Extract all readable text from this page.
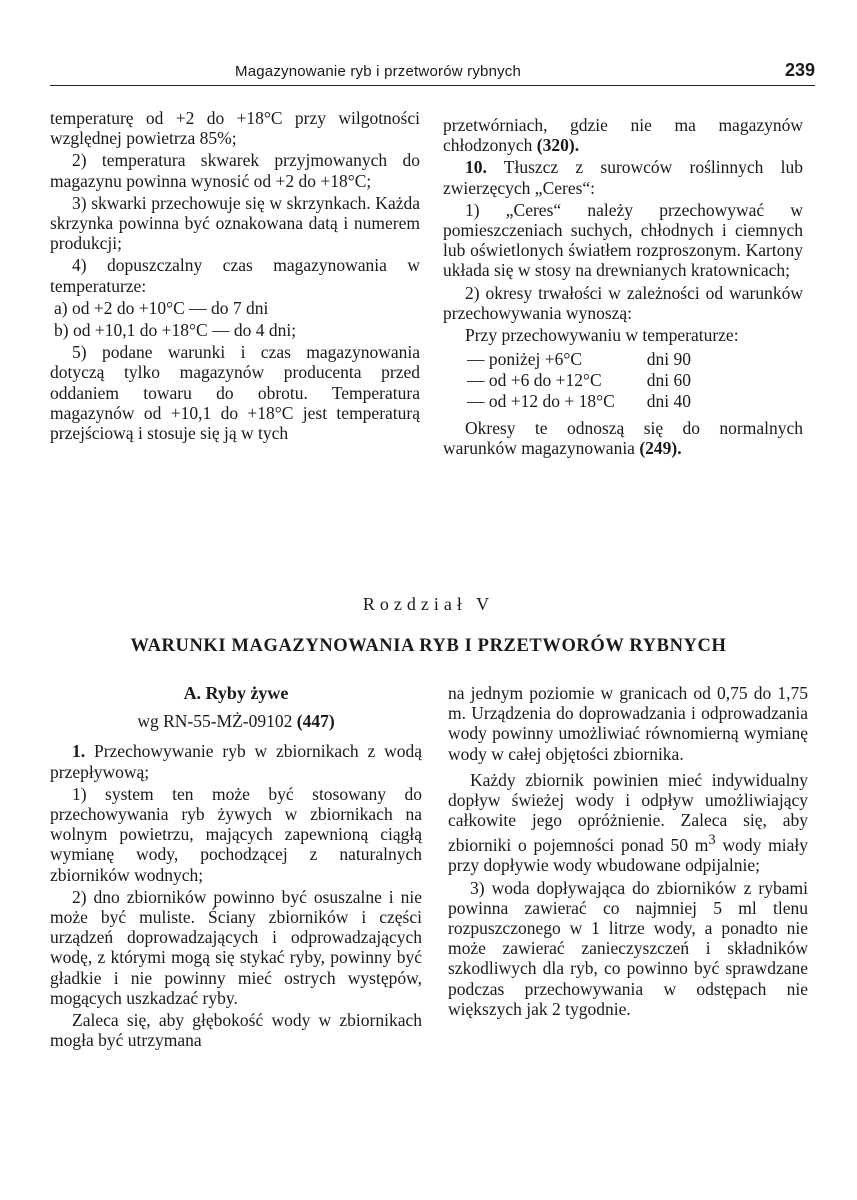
Magazynowanie ryb i przetworów rybnych	239

temperaturę od +2 do +18°C przy wilgotności względnej powietrza 85%;

2) temperatura skwarek przyjmowanych do magazynu powinna wynosić od +2 do +18°C;

3) skwarki przechowuje się w skrzynkach. Każda skrzynka powinna być oznakowana datą i numerem produkcji;

4) dopuszczalny czas magazynowania w temperaturze:

a) od +2 do +10°C — do 7 dni

b) od +10,1 do +18°C — do 4 dni;

5) podane warunki i czas magazynowania dotyczą tylko magazynów producenta przed oddaniem towaru do obrotu. Temperatura magazynów od +10,1 do +18°C jest temperaturą przejściową i stosuje się ją w tych

przetwórniach, gdzie nie ma magazynów chłodzonych (320).

10. Tłuszcz z surowców roślinnych lub zwierzęcych „Ceres“:

1) „Ceres“ należy przechowywać w pomieszczeniach suchych, chłodnych i ciemnych lub oświetlonych światłem rozproszonym. Kartony układa się w stosy na drewnianych kratownicach;

2) okresy trwałości w zależności od warunków przechowywania wynoszą:

Przy przechowywaniu w temperaturze:

— poniżej +6°C	dni 90
— od +6 do +12°C	dni 60
— od +12 do + 18°C	dni 40

Okresy te odnoszą się do normalnych warunków magazynowania (249).

Rozdział V
WARUNKI MAGAZYNOWANIA RYB I PRZETWORÓW RYBNYCH

A. Ryby żywe

wg RN-55-MŻ-09102 (447)

1. Przechowywanie ryb w zbiornikach z wodą przepływową;

1) system ten może być stosowany do przechowywania ryb żywych w zbiornikach na wolnym powietrzu, mających zapewnioną ciągłą wymianę wody, pochodzącej z naturalnych zbiorników wodnych;

2) dno zbiorników powinno być osuszalne i nie może być muliste. Ściany zbiorników i części urządzeń doprowadzających i odprowadzających wodę, z którymi mogą się stykać ryby, powinny być gładkie i nie powinny mieć ostrych występów, mogących uszkadzać ryby.

Zaleca się, aby głębokość wody w zbiornikach mogła być utrzymana

na jednym poziomie w granicach od 0,75 do 1,75 m. Urządzenia do doprowadzania i odprowadzania wody powinny umożliwiać równomierną wymianę wody w całej objętości zbiornika.

Każdy zbiornik powinien mieć indywidualny dopływ świeżej wody i odpływ umożliwiający całkowite jego opróżnienie. Zaleca się, aby zbiorniki o pojemności ponad 50 $m^3$ wody miały przy dopływie wody wbudowane odpijalnie;

3) woda dopływająca do zbiorników z rybami powinna zawierać co najmniej 5 ml tlenu rozpuszczonego w 1 litrze wody, a ponadto nie może zawierać zanieczyszczeń i składników szkodliwych dla ryb, co powinno być sprawdzane podczas przechowywania w odstępach nie większych jak 2 tygodnie.
